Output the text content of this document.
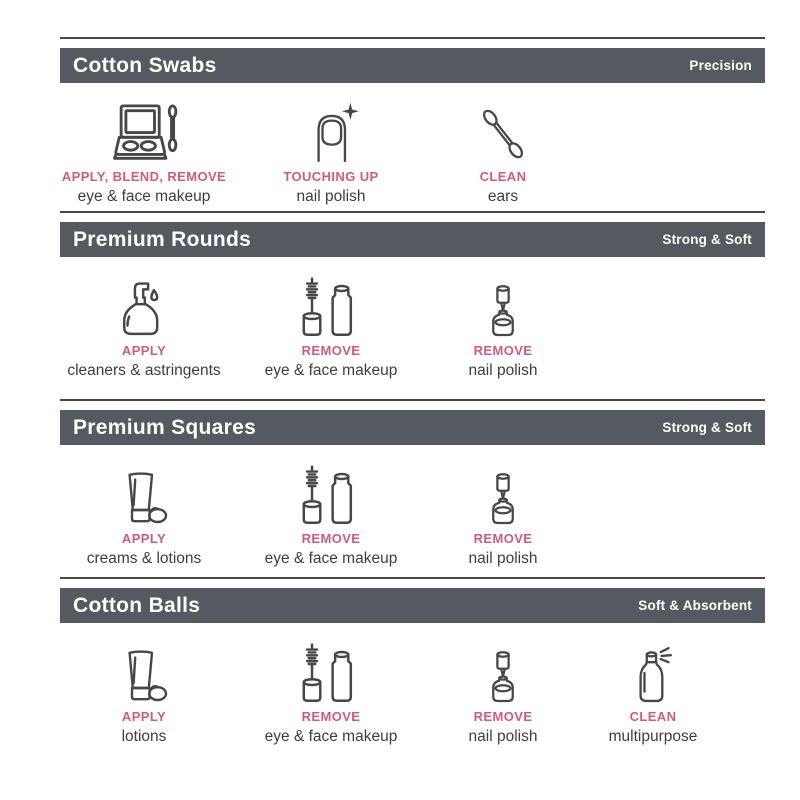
Cotton Swabs	Precision
APPLY, BLEND, REMOVE
eye & face makeup
TOUCHING UP
nail polish
CLEAN
ears
Premium Rounds	Strong & Soft
APPLY
cleaners & astringents
REMOVE
eye & face makeup
REMOVE
nail polish
Premium Squares	Strong & Soft
APPLY
creams & lotions
REMOVE
eye & face makeup
REMOVE
nail polish
Cotton Balls	Soft & Absorbent
APPLY
lotions
REMOVE
eye & face makeup
REMOVE
nail polish
CLEAN
multipurpose
